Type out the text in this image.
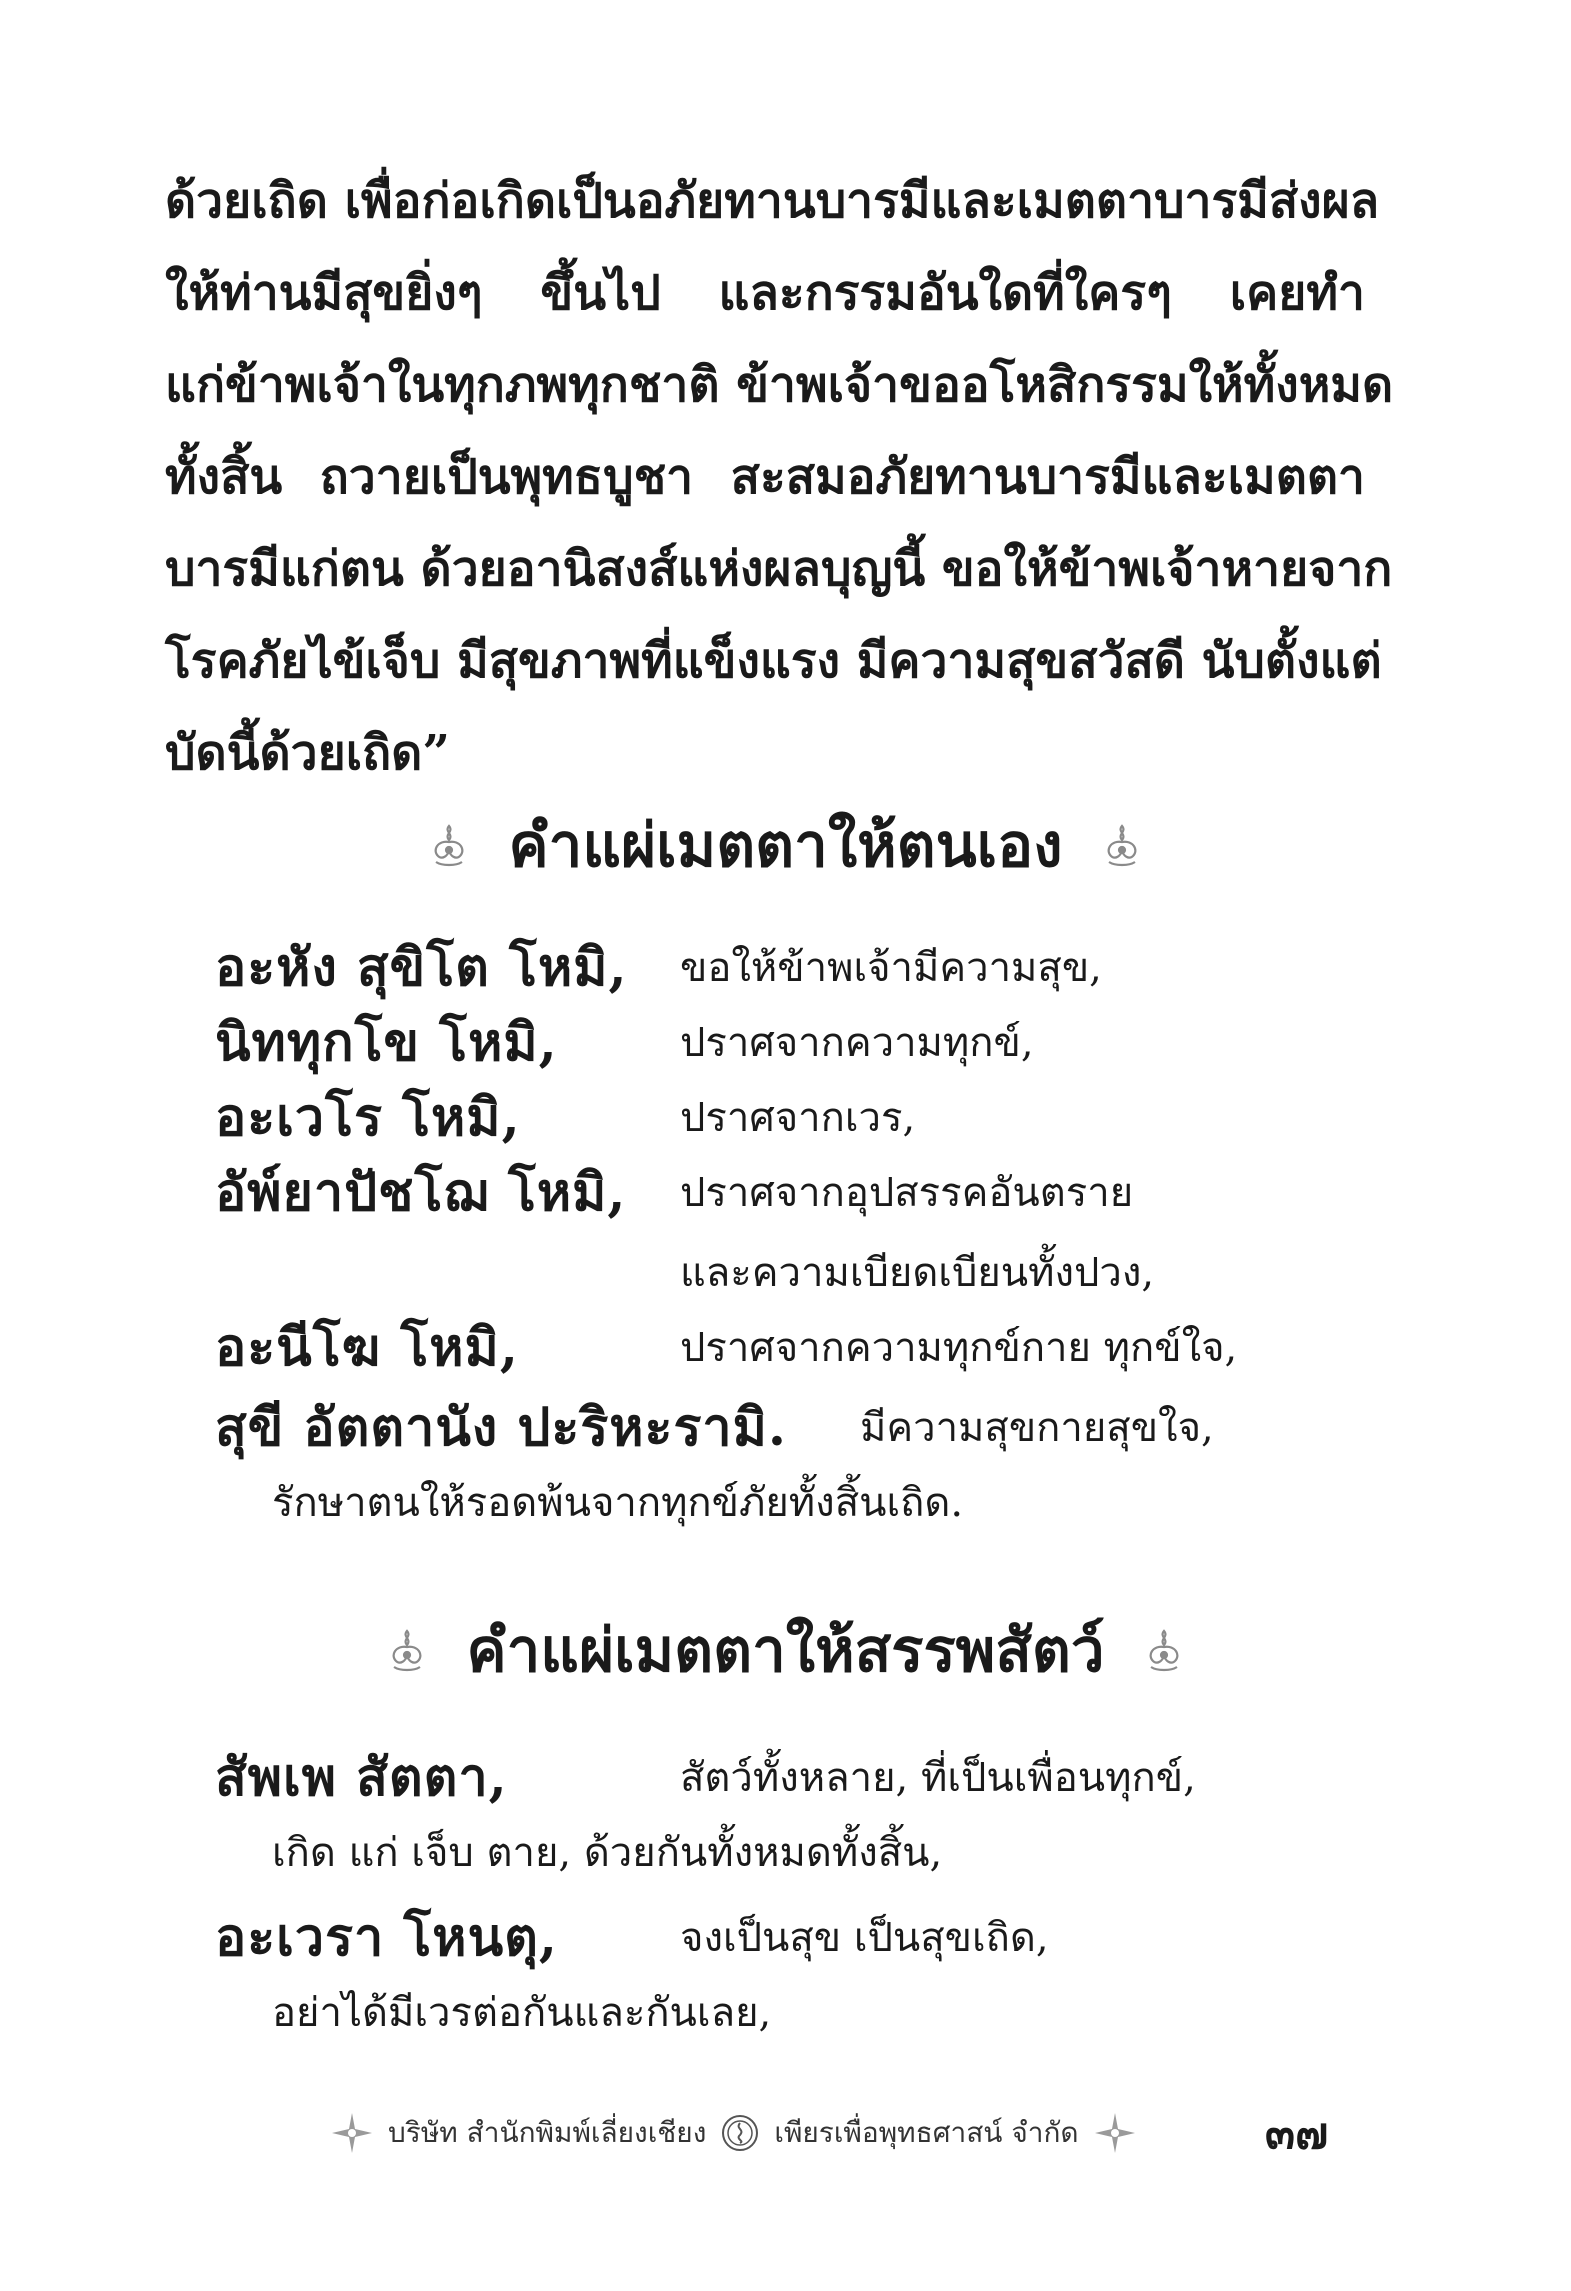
ด้วยเถิด เพื่อก่อเกิดเป็นอภัยทานบารมีและเมตตาบารมีส่งผล
ให้ท่านมีสุขยิ่งๆ ขึ้นไป และกรรมอันใดที่ใครๆ เคยทำ
แก่ข้าพเจ้าในทุกภพทุกชาติ ข้าพเจ้าขออโหสิกรรมให้ทั้งหมด
ทั้งสิ้น ถวายเป็นพุทธบูชา สะสมอภัยทานบารมีและเมตตา
บารมีแก่ตน ด้วยอานิสงส์แห่งผลบุญนี้ ขอให้ข้าพเจ้าหายจาก
โรคภัยไข้เจ็บ มีสุขภาพที่แข็งแรง มีความสุขสวัสดี นับตั้งแต่
บัดนี้ด้วยเถิด”
คำแผ่เมตตาให้ตนเอง
อะหัง สุขิโต โหมิ, ขอให้ข้าพเจ้ามีความสุข,
นิททุกโข โหมิ,	ปราศจากความทุกข์,
อะเวโร โหมิ,	ปราศจากเวร,
อัพ์ยาปัชโฌ โหมิ, ปราศจากอุปสรรคอันตราย
และความเบียดเบียนทั้งปวง,
อะนีโฆ โหมิ,	ปราศจากความทุกข์กาย ทุกข์ใจ,
สุขี อัตตานัง ปะริหะรามิ. มีความสุขกายสุขใจ,
รักษาตนให้รอดพ้นจากทุกข์ภัยทั้งสิ้นเถิด.
คำแผ่เมตตาให้สรรพสัตว์
สัพเพ สัตตา,	สัตว์ทั้งหลาย, ที่เป็นเพื่อนทุกข์,
เกิด แก่ เจ็บ ตาย, ด้วยกันทั้งหมดทั้งสิ้น,
อะเวรา โหนตุ,	จงเป็นสุข เป็นสุขเถิด,
อย่าได้มีเวรต่อกันและกันเลย,
บริษัท สำนักพิมพ์เลี่ยงเชียง เพียรเพื่อพุทธศาสน์ จำกัด	๓๗
